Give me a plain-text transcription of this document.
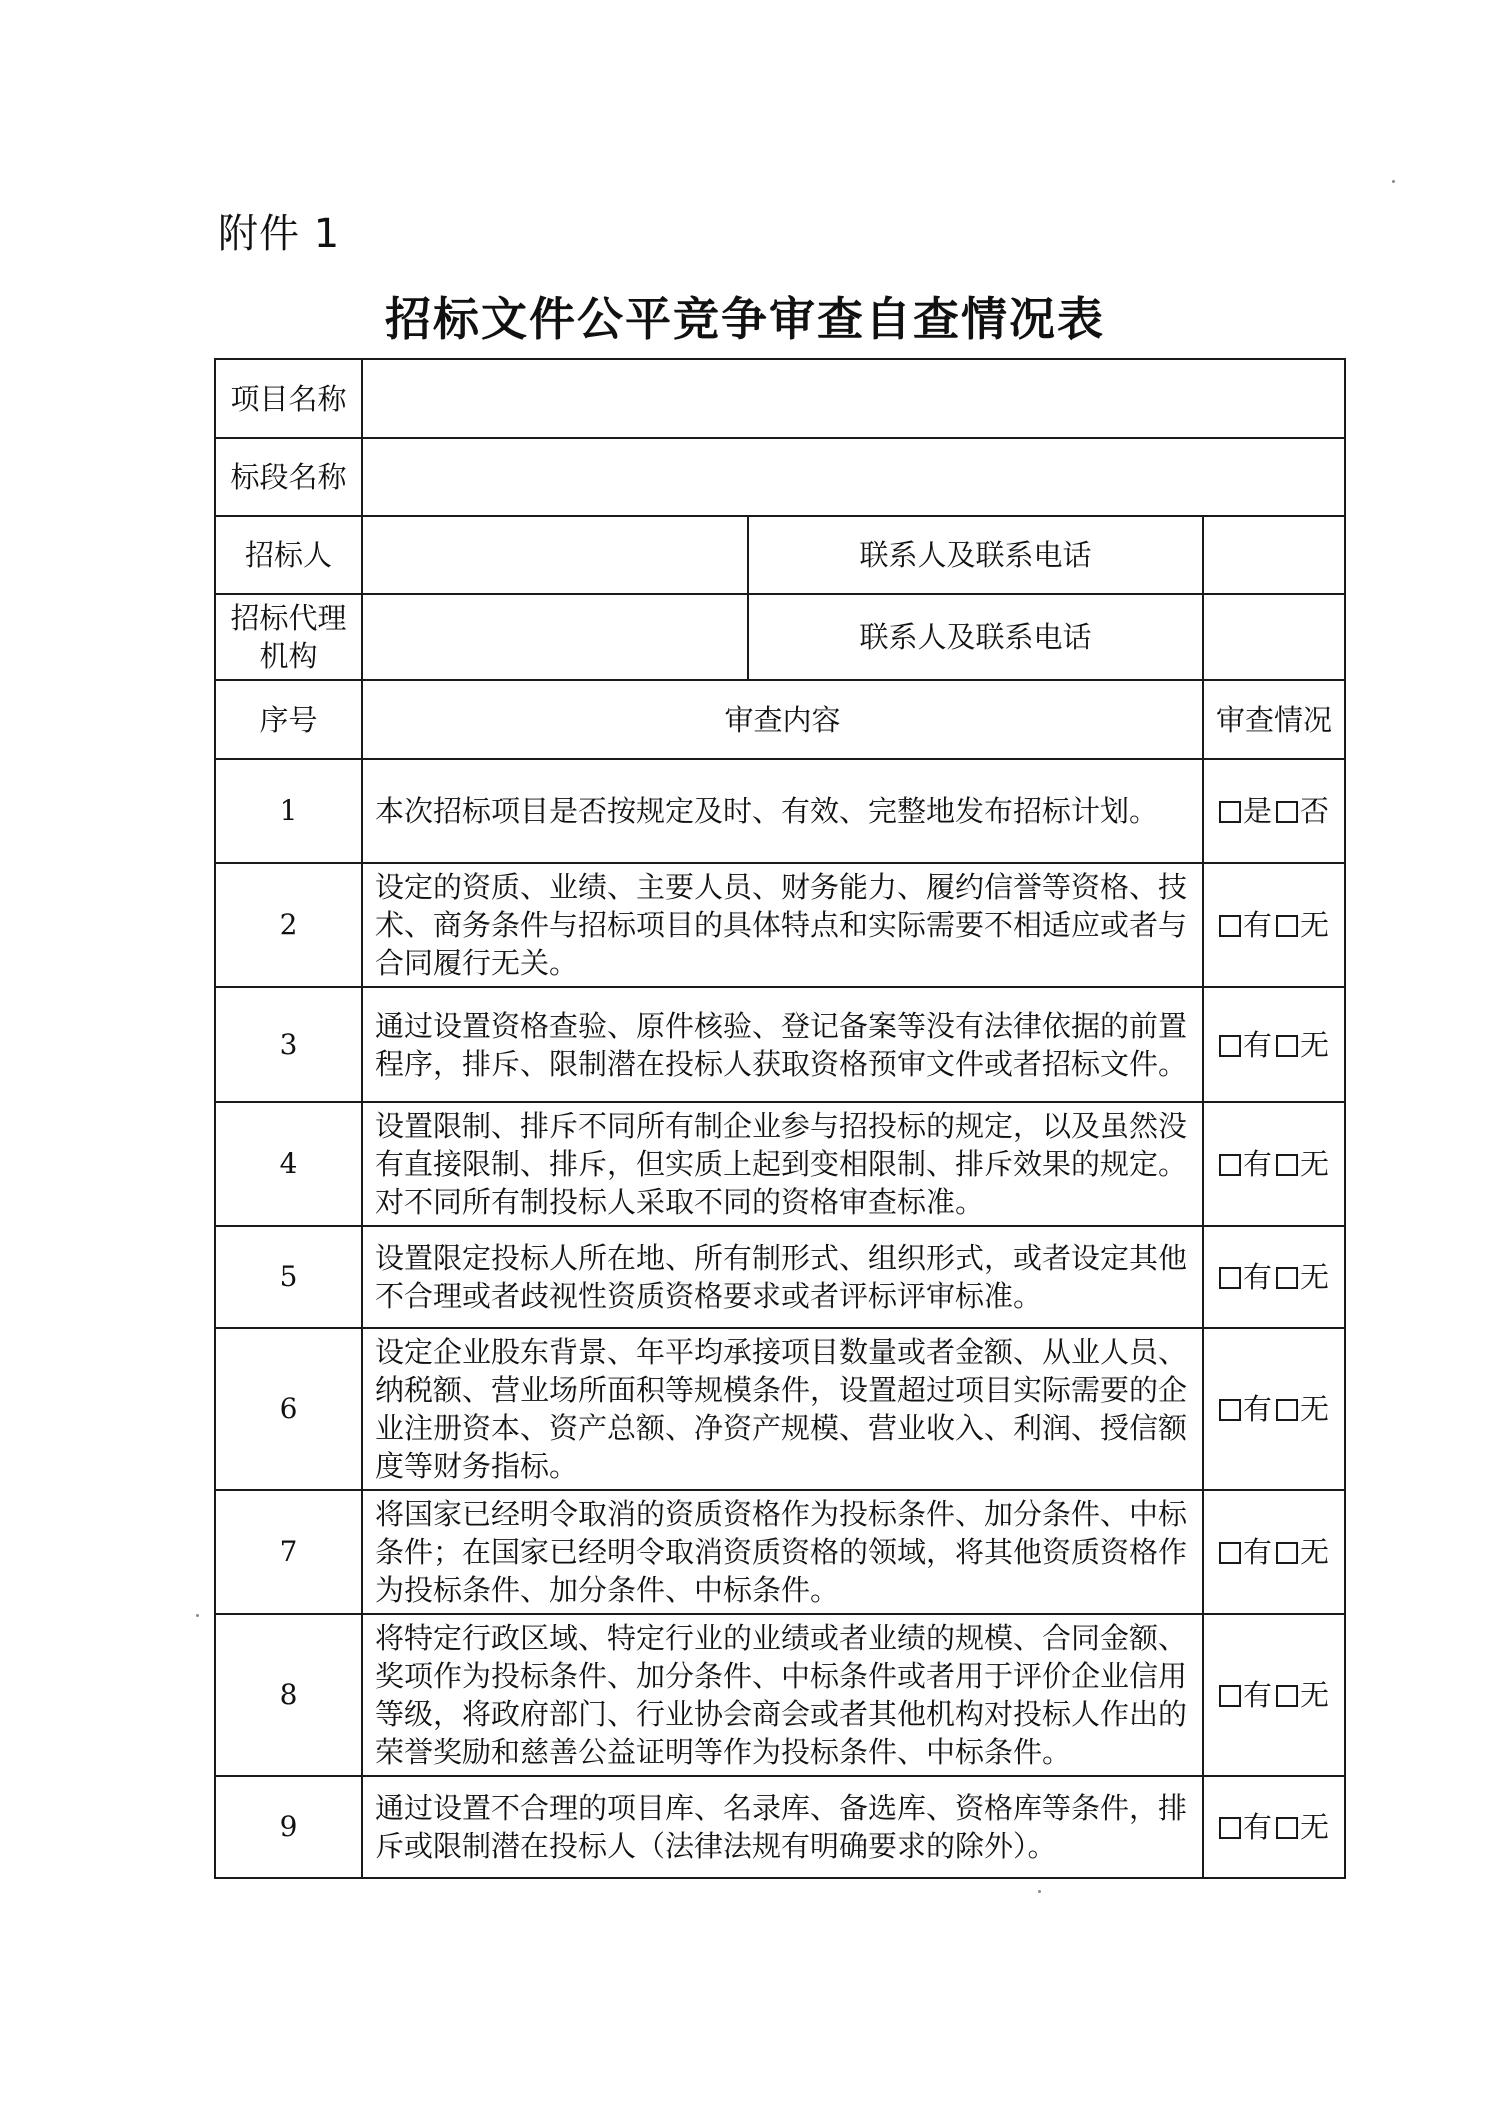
附件 1
招标文件公平竞争审查自查情况表
项目名称			
标段名称			
招标人		联系人及联系电话	

招标代理
机构		联系人及联系电话	
序号	审查内容		审查情况
1	本次招标项目是否按规定及时、有效、完整地发布招标计划。		是 否
2	设定的资质、业绩、主要人员、财务能力、履约信誉等资格、技术、商务条件与招标项目的具体特点和实际需要不相适应或者与合同履行无关。		有 无
3	通过设置资格查验、原件核验、登记备案等没有法律依据的前置程序，排斥、限制潜在投标人获取资格预审文件或者招标文件。		有 无
4	设置限制、排斥不同所有制企业参与招投标的规定，以及虽然没有直接限制、排斥，但实质上起到变相限制、排斥效果的规定。对不同所有制投标人采取不同的资格审查标准。		有 无
5	设置限定投标人所在地、所有制形式、组织形式，或者设定其他不合理或者歧视性资质资格要求或者评标评审标准。		有 无
6	设定企业股东背景、年平均承接项目数量或者金额、从业人员、纳税额、营业场所面积等规模条件，设置超过项目实际需要的企业注册资本、资产总额、净资产规模、营业收入、利润、授信额度等财务指标。		有 无
7	将国家已经明令取消的资质资格作为投标条件、加分条件、中标条件；在国家已经明令取消资质资格的领域，将其他资质资格作为投标条件、加分条件、中标条件。		有 无
8	将特定行政区域、特定行业的业绩或者业绩的规模、合同金额、奖项作为投标条件、加分条件、中标条件或者用于评价企业信用等级，将政府部门、行业协会商会或者其他机构对投标人作出的荣誉奖励和慈善公益证明等作为投标条件、中标条件。		有 无
9	通过设置不合理的项目库、名录库、备选库、资格库等条件，排斥或限制潜在投标人（法律法规有明确要求的除外）。		有 无
